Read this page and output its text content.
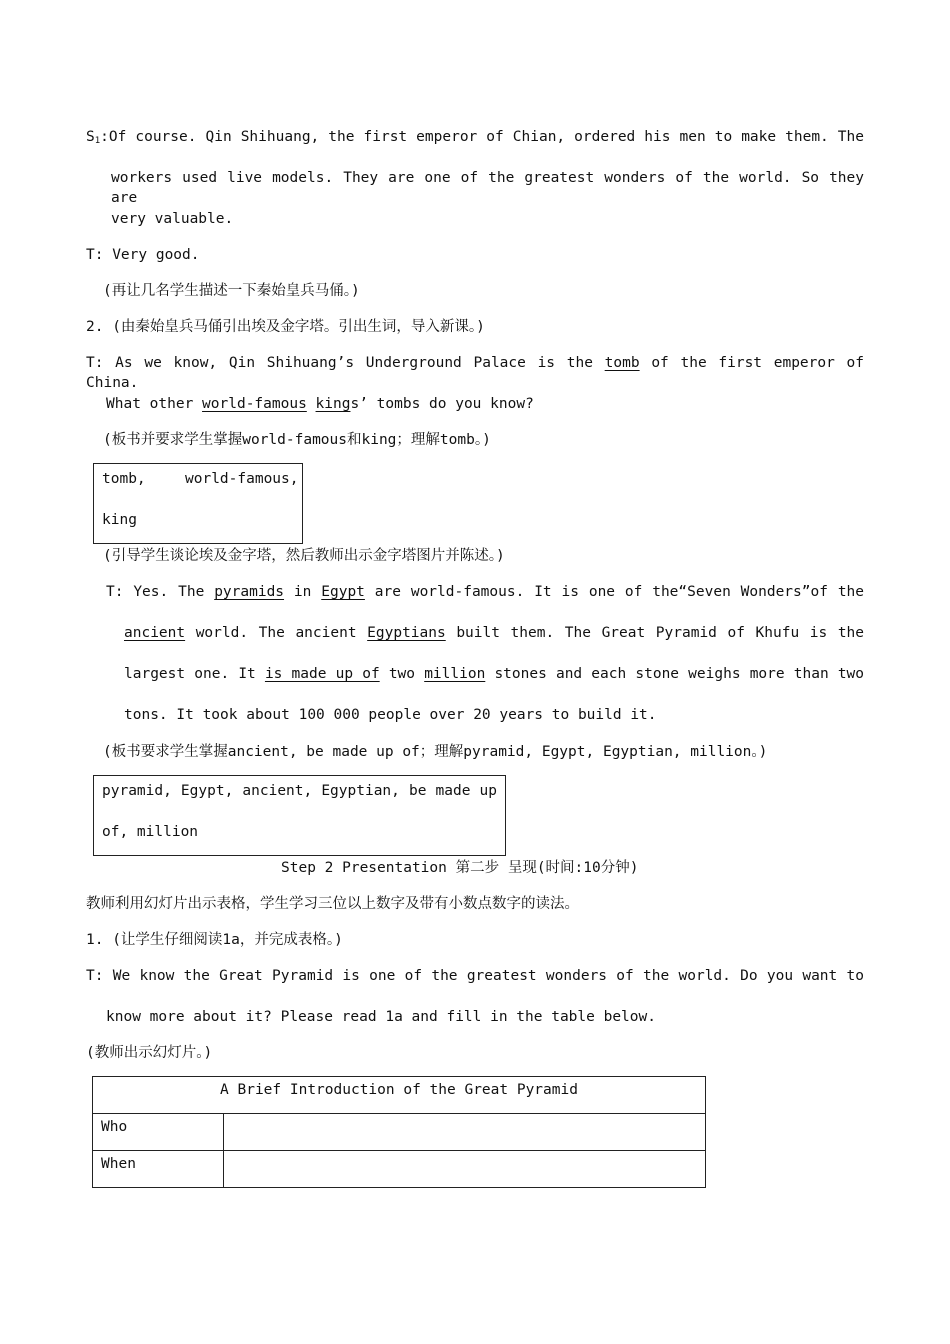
$S_1:Of$ course. Qin Shihuang, the first emperor of Chian, ordered his men to make them. The
workers used live models. They are one of the greatest wonders of the world. So they are
very valuable.
T: Very good.
(再让几名学生描述一下秦始皇兵马俑。)
2. (由秦始皇兵马俑引出埃及金字塔。引出生词，导入新课。)
T: As we know, Qin Shihuang’s Underground Palace is the tomb of the first emperor of China.
What other world-famous kings’ tombs do you know?
(板书并要求学生掌握world-famous和king；理解tomb。)
tomb,	world-famous,
king
(引导学生谈论埃及金字塔，然后教师出示金字塔图片并陈述。)
T: Yes. The pyramids in Egypt are world-famous. It is one of the“Seven Wonders”of the
ancient world. The ancient Egyptians built them. The Great Pyramid of Khufu is the
largest one. It is made up of two million stones and each stone weighs more than two
tons. It took about 100 000 people over 20 years to build it.
(板书要求学生掌握ancient, be made up of；理解pyramid, Egypt, Egyptian, million。)
pyramid, Egypt, ancient, Egyptian, be made up
of, million
Step 2 Presentation 第二步 呈现(时间:10分钟)
教师利用幻灯片出示表格，学生学习三位以上数字及带有小数点数字的读法。
1. (让学生仔细阅读1a，并完成表格。)
T: We know the Great Pyramid is one of the greatest wonders of the world. Do you want to
know more about it? Please read 1a and fill in the table below.
(教师出示幻灯片。)
A Brief Introduction of the Great Pyramid	
Who	
When	
